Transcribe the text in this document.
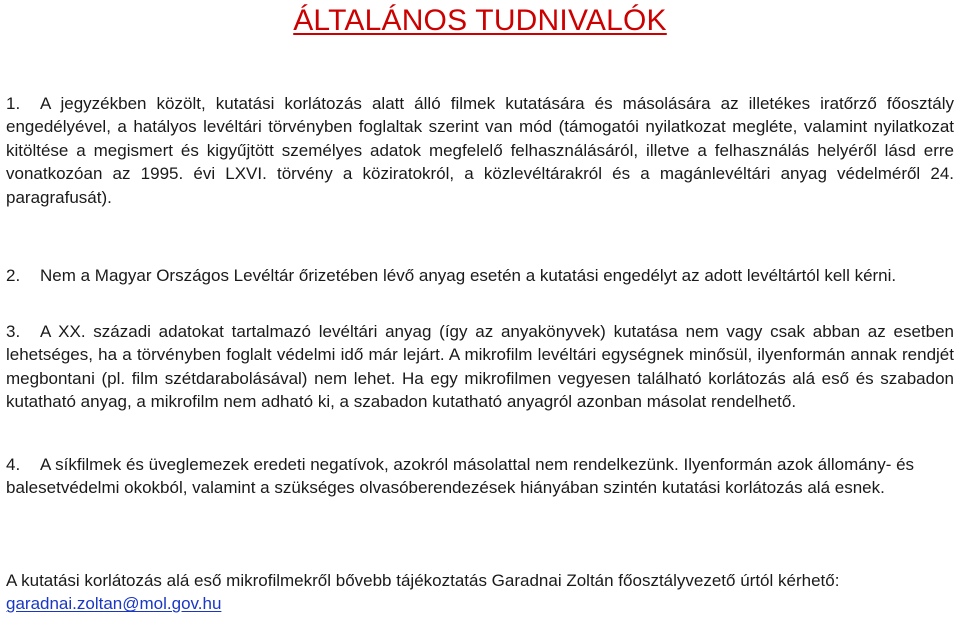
ÁLTALÁNOS TUDNIVALÓK
1.	A jegyzékben közölt, kutatási korlátozás alatt álló filmek kutatására és másolására az illetékes iratőrző főosztály engedélyével, a hatályos levéltári törvényben foglaltak szerint van mód (támogatói nyilatkozat megléte, valamint nyilatkozat kitöltése a megismert és kigyűjtött személyes adatok megfelelő felhasználásáról, illetve a felhasználás helyéről lásd erre vonatkozóan az 1995. évi LXVI. törvény a köziratokról, a közlevéltárakról és a magánlevéltári anyag védelméről 24. paragrafusát).
2.	Nem a Magyar Országos Levéltár őrizetében lévő anyag esetén a kutatási engedélyt az adott levéltártól kell kérni.
3.	A XX. századi adatokat tartalmazó levéltári anyag (így az anyakönyvek) kutatása nem vagy csak abban az esetben lehetséges, ha a törvényben foglalt védelmi idő már lejárt. A mikrofilm levéltári egységnek minősül, ilyenformán annak rendjét megbontani (pl. film szétdarabolásával) nem lehet. Ha egy mikrofilmen vegyesen található korlátozás alá eső és szabadon kutatható anyag, a mikrofilm nem adható ki, a szabadon kutatható anyagról azonban másolat rendelhető.
4.	A síkfilmek és üveglemezek eredeti negatívok, azokról másolattal nem rendelkezünk. Ilyenformán azok állomány- és balesetvédelmi okokból, valamint a szükséges olvasóberendezések hiányában szintén kutatási korlátozás alá esnek.
A kutatási korlátozás alá eső mikrofilmekről bővebb tájékoztatás Garadnai Zoltán főosztályvezető úrtól kérhető: garadnai.zoltan@mol.gov.hu
